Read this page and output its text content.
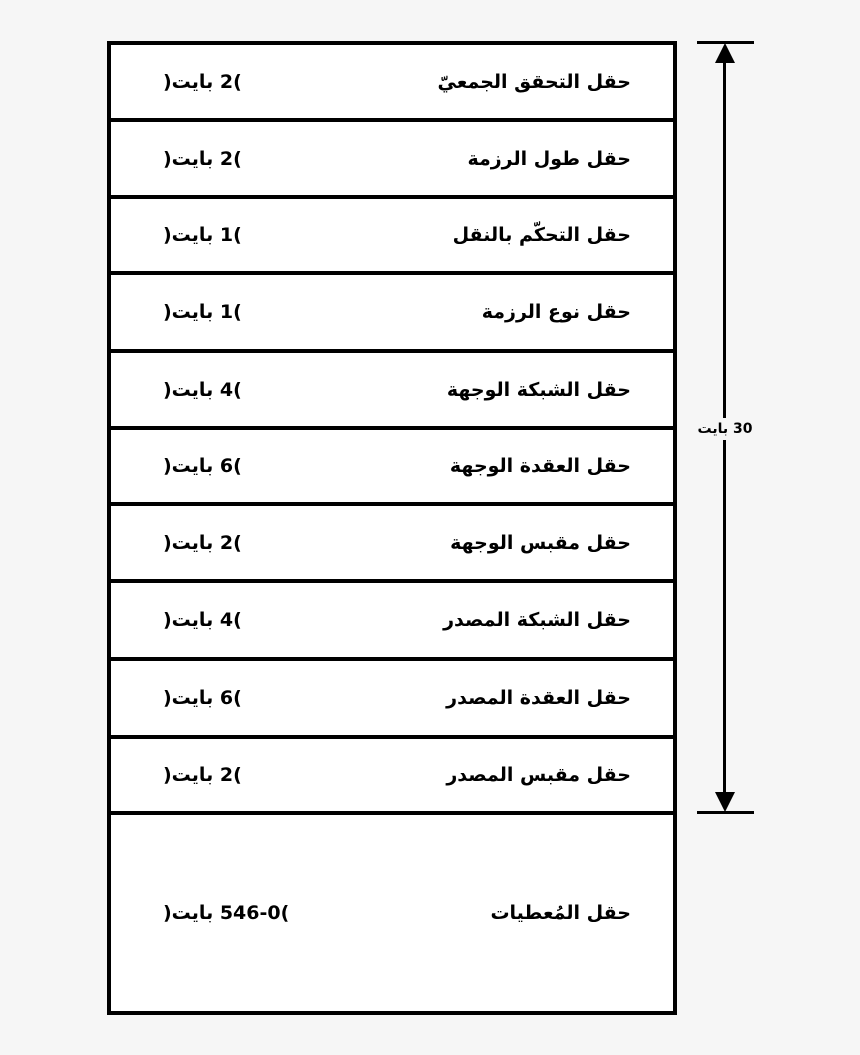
حقل التحقق الجمعيّ
)2 بايت(
حقل طول الرزمة
)2 بايت(
حقل التحكّم بالنقل
)1 بايت(
حقل نوع الرزمة
)1 بايت(
حقل الشبكة الوجهة
)4 بايت(
حقل العقدة الوجهة
)6 بايت(
حقل مقبس الوجهة
)2 بايت(
حقل الشبكة المصدر
)4 بايت(
حقل العقدة المصدر
)6 بايت(
حقل مقبس المصدر
)2 بايت(
حقل المُعطيات
)546-0 بايت(
30 بايت
